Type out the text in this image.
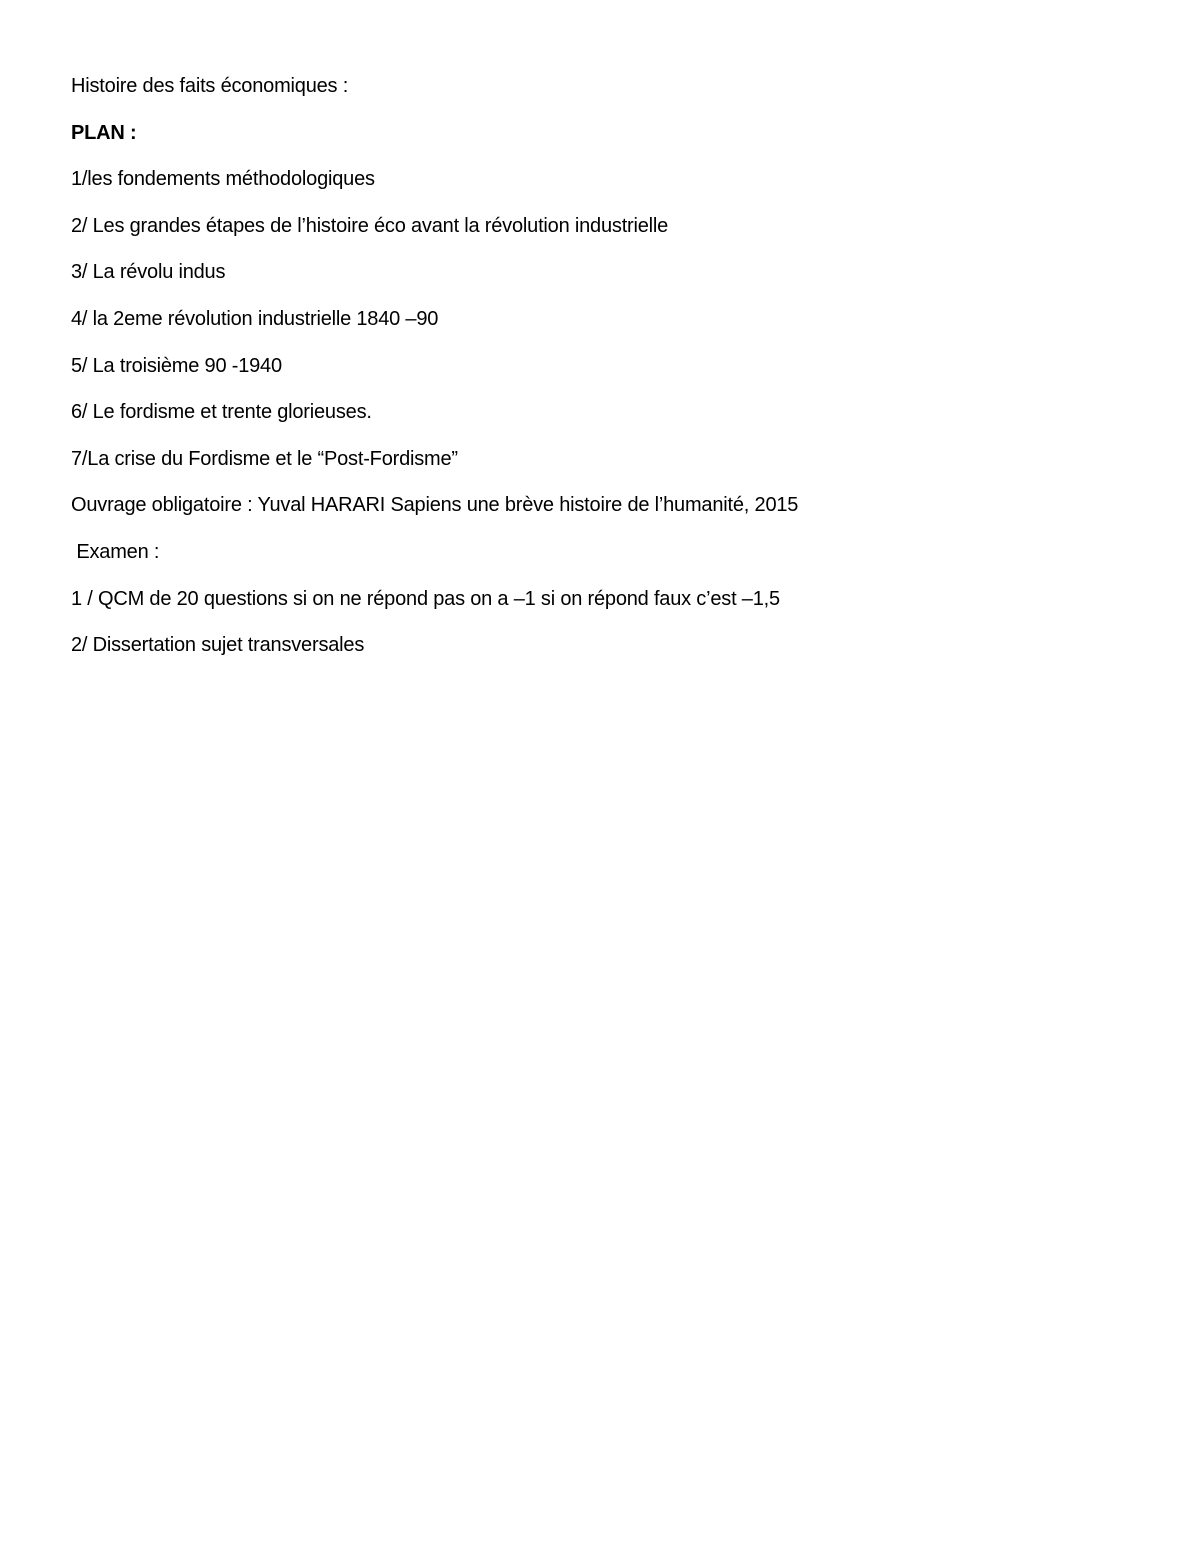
Histoire des faits économiques :
PLAN :
1/les fondements méthodologiques
2/ Les grandes étapes de l’histoire éco avant la révolution industrielle
3/ La révolu indus
4/ la 2eme révolution industrielle 1840 –90
5/ La troisième 90 -1940
6/ Le fordisme et trente glorieuses.
7/La crise du Fordisme et le “Post-Fordisme”
Ouvrage obligatoire : Yuval HARARI Sapiens une brève histoire de l’humanité, 2015
Examen :
1 / QCM de 20 questions si on ne répond pas on a –1 si on répond faux c’est –1,5
2/ Dissertation sujet transversales
